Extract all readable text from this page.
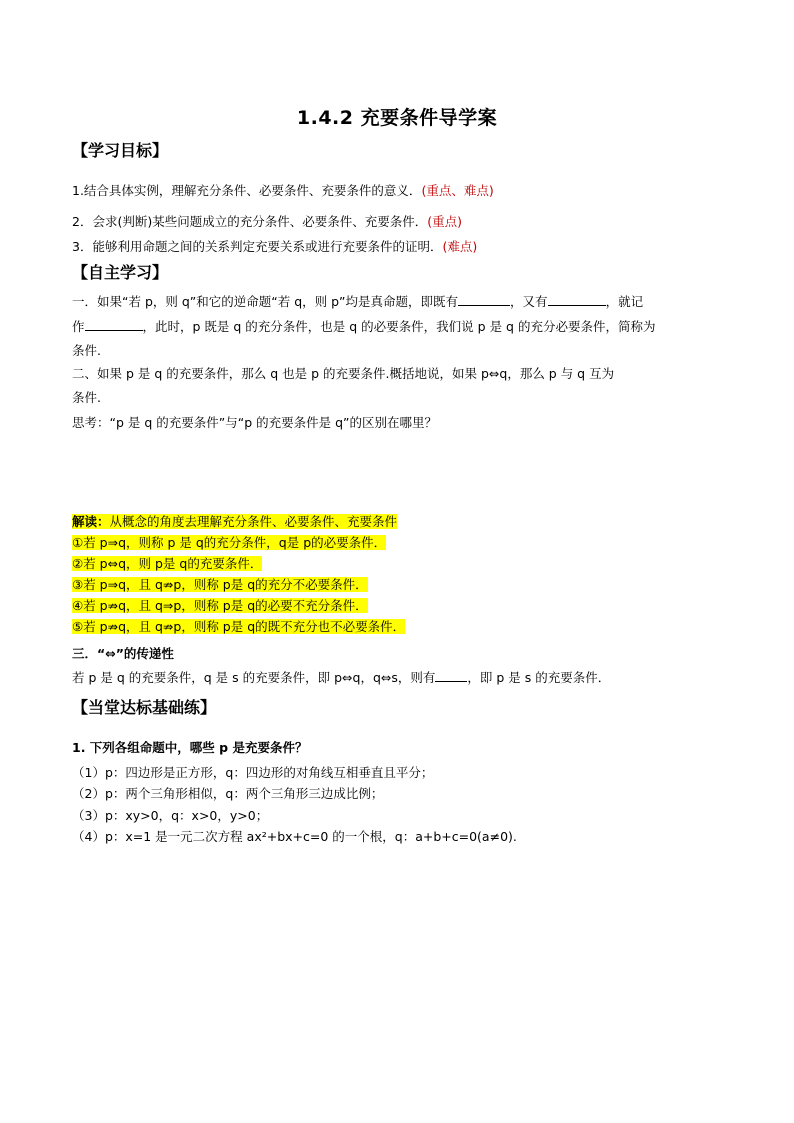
1.4.2 充要条件导学案
【学习目标】
1.结合具体实例，理解充分条件、必要条件、充要条件的意义．(重点、难点)
2．会求(判断)某些问题成立的充分条件、必要条件、充要条件．(重点)
3．能够利用命题之间的关系判定充要关系或进行充要条件的证明．(难点)
【自主学习】
一．如果“若 p，则 q”和它的逆命题“若 q，则 p”均是真命题，即既有	，又有	，就记
作	，此时，p 既是 q 的充分条件，也是 q 的必要条件，我们说 p 是 q 的充分必要条件，简称为
条件.
二、如果 p 是 q 的充要条件，那么 q 也是 p 的充要条件.概括地说，如果 p⇔q，那么 p 与 q 互为
条件.
思考：“p 是 q 的充要条件”与“p 的充要条件是 q”的区别在哪里？
解读：从概念的角度去理解充分条件、必要条件、充要条件
①若 p⇒q，则称 p 是 q的充分条件，q是 p的必要条件．
②若 p⇔q，则 p是 q的充要条件．
③若 p⇒q，且 q⇏p，则称 p是 q的充分不必要条件．
④若 p⇏q，且 q⇒p，则称 p是 q的必要不充分条件．
⑤若 p⇏q，且 q⇏p，则称 p是 q的既不充分也不必要条件．
三．“⇔”的传递性
若 p 是 q 的充要条件，q 是 s 的充要条件，即 p⇔q，q⇔s，则有	，即 p 是 s 的充要条件．
【当堂达标基础练】
1. 下列各组命题中，哪些 p 是充要条件？
（1）p：四边形是正方形，q：四边形的对角线互相垂直且平分；
（2）p：两个三角形相似，q：两个三角形三边成比例；
（3）p：xy>0，q：x>0，y>0；
（4）p：x=1 是一元二次方程 ax²+bx+c=0 的一个根，q：a+b+c=0(a≠0).
